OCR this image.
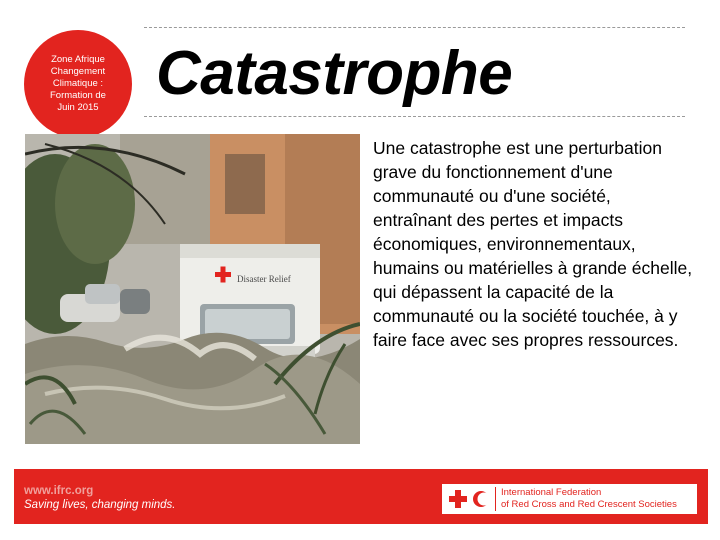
Zone Afrique
Changement
Climatique :
Formation de
Juin 2015 Catastrophe
Disaster Relief
Une catastrophe est une perturbation grave du fonctionnement d'une communauté ou d'une société, entraînant des pertes et impacts économiques, environnementaux, humains ou matérielles à grande échelle, qui dépassent la capacité de la communauté ou la société touchée, à y faire face avec ses propres ressources.
www.ifrc.org
Saving lives, changing minds.
International Federation
of Red Cross and Red Crescent Societies
